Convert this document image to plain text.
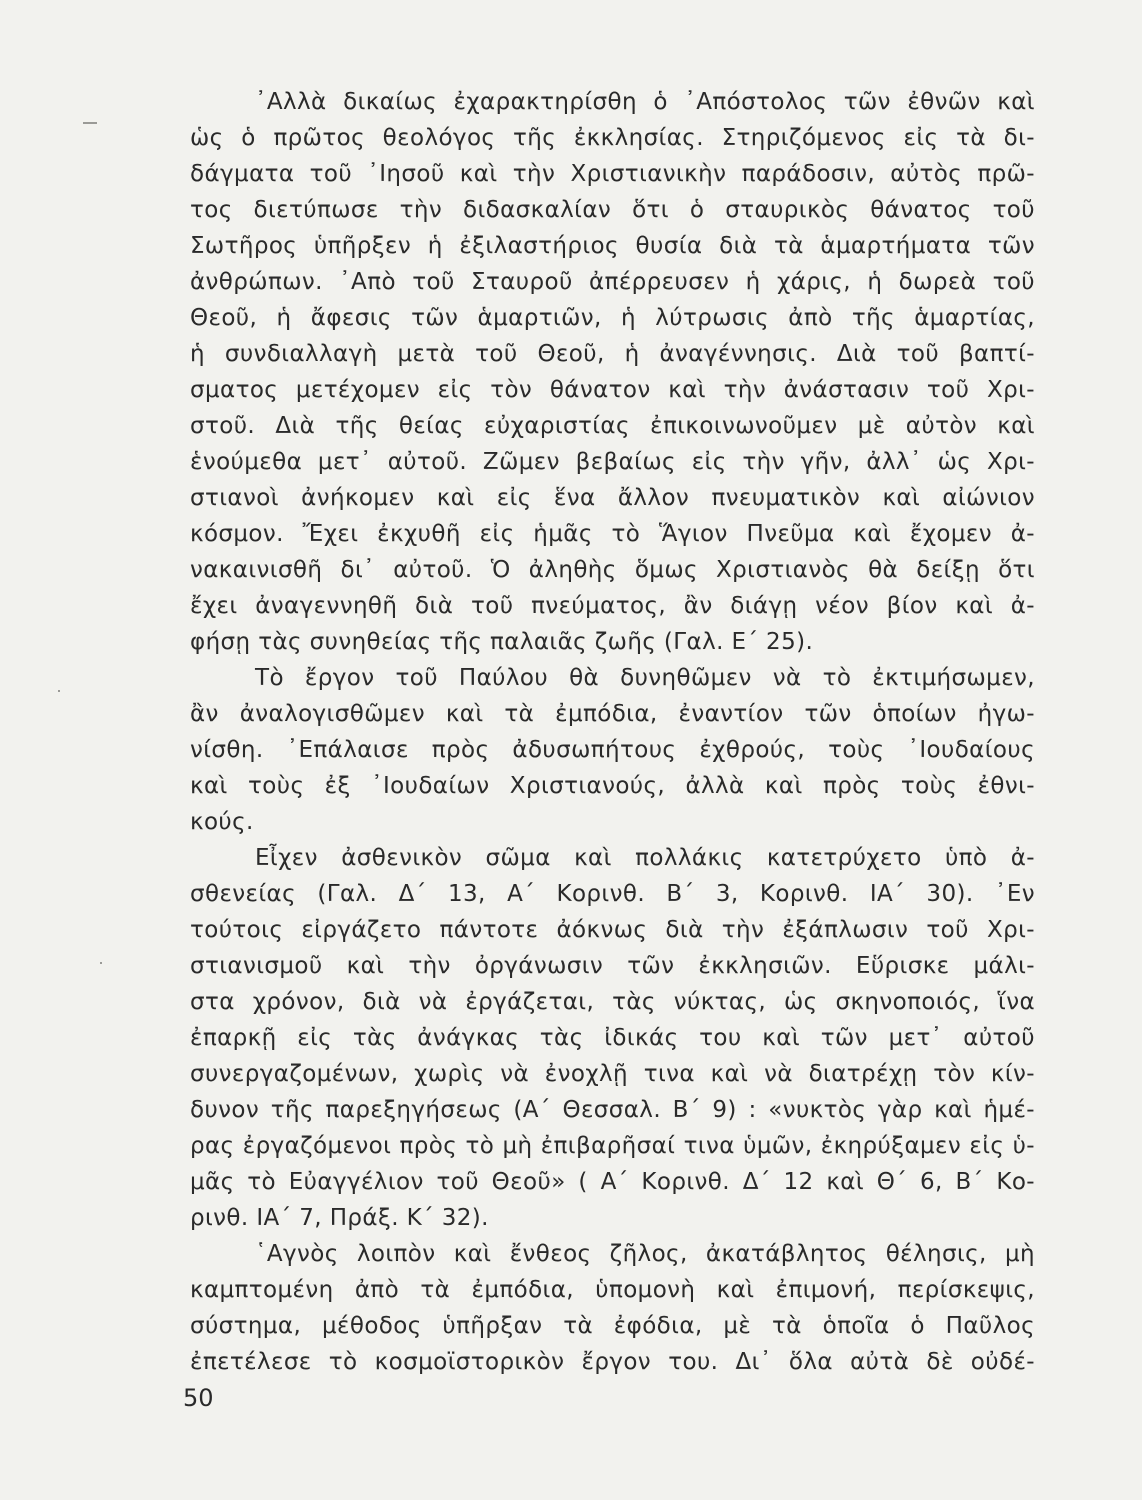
᾿Αλλὰ δικαίως ἐχαρακτηρίσθη ὁ ᾿Απόστολος τῶν ἐθνῶν καὶ
ὡς ὁ πρῶτος θεολόγος τῆς ἐκκλησίας. Στηριζόμενος εἰς τὰ δι-
δάγματα τοῦ ᾿Ιησοῦ καὶ τὴν Χριστιανικὴν παράδοσιν, αὐτὸς πρῶ-
τος διετύπωσε τὴν διδασκαλίαν ὅτι ὁ σταυρικὸς θάνατος τοῦ
Σωτῆρος ὑπῆρξεν ἡ ἐξιλαστήριος θυσία διὰ τὰ ἁμαρτήματα τῶν
ἀνθρώπων. ᾿Απὸ τοῦ Σταυροῦ ἀπέρρευσεν ἡ χάρις, ἡ δωρεὰ τοῦ
Θεοῦ, ἡ ἄφεσις τῶν ἁμαρτιῶν, ἡ λύτρωσις ἀπὸ τῆς ἁμαρτίας,
ἡ συνδιαλλαγὴ μετὰ τοῦ Θεοῦ, ἡ ἀναγέννησις. Διὰ τοῦ βαπτί-
σματος μετέχομεν εἰς τὸν θάνατον καὶ τὴν ἀνάστασιν τοῦ Χρι-
στοῦ. Διὰ τῆς θείας εὐχαριστίας ἐπικοινωνοῦμεν μὲ αὐτὸν καὶ
ἑνούμεθα μετ᾿ αὐτοῦ. Ζῶμεν βεβαίως εἰς τὴν γῆν, ἀλλ᾿ ὡς Χρι-
στιανοὶ ἀνήκομεν καὶ εἰς ἕνα ἄλλον πνευματικὸν καὶ αἰώνιον
κόσμον. Ἔχει ἐκχυθῆ εἰς ἡμᾶς τὸ Ἅγιον Πνεῦμα καὶ ἔχομεν ἀ-
νακαινισθῆ δι᾿ αὐτοῦ. Ὁ ἀληθὴς ὅμως Χριστιανὸς θὰ δείξῃ ὅτι
ἔχει ἀναγεννηθῆ διὰ τοῦ πνεύματος, ἂν διάγῃ νέον βίον καὶ ἀ-
φήσῃ τὰς συνηθείας τῆς παλαιᾶς ζωῆς (Γαλ. Ε΄ 25).
Τὸ ἔργον τοῦ Παύλου θὰ δυνηθῶμεν νὰ τὸ ἐκτιμήσωμεν,
ἂν ἀναλογισθῶμεν καὶ τὰ ἐμπόδια, ἐναντίον τῶν ὁποίων ἠγω-
νίσθη. ᾿Επάλαισε πρὸς ἀδυσωπήτους ἐχθρούς, τοὺς ᾿Ιουδαίους
καὶ τοὺς ἐξ ᾿Ιουδαίων Χριστιανούς, ἀλλὰ καὶ πρὸς τοὺς ἐθνι-
κούς.
Εἶχεν ἀσθενικὸν σῶμα καὶ πολλάκις κατετρύχετο ὑπὸ ἀ-
σθενείας (Γαλ. Δ΄ 13, Α΄ Κορινθ. Β΄ 3, Κορινθ. ΙΑ΄ 30). ᾿Εν
τούτοις εἰργάζετο πάντοτε ἀόκνως διὰ τὴν ἐξάπλωσιν τοῦ Χρι-
στιανισμοῦ καὶ τὴν ὀργάνωσιν τῶν ἐκκλησιῶν. Εὕρισκε μάλι-
στα χρόνον, διὰ νὰ ἐργάζεται, τὰς νύκτας, ὡς σκηνοποιός, ἵνα
ἐπαρκῇ εἰς τὰς ἀνάγκας τὰς ἰδικάς του καὶ τῶν μετ᾿ αὐτοῦ
συνεργαζομένων, χωρὶς νὰ ἐνοχλῇ τινα καὶ νὰ διατρέχῃ τὸν κίν-
δυνον τῆς παρεξηγήσεως (Α΄ Θεσσαλ. Β΄ 9) : «νυκτὸς γὰρ καὶ ἡμέ-
ρας ἐργαζόμενοι πρὸς τὸ μὴ ἐπιβαρῆσαί τινα ὑμῶν, ἐκηρύξαμεν εἰς ὑ-
μᾶς τὸ Εὐαγγέλιον τοῦ Θεοῦ» ( Α΄ Κορινθ. Δ΄ 12 καὶ Θ΄ 6, Β΄ Κο-
ρινθ. ΙΑ΄ 7, Πράξ. Κ΄ 32).
῾Αγνὸς λοιπὸν καὶ ἔνθεος ζῆλος, ἀκατάβλητος θέλησις, μὴ
καμπτομένη ἀπὸ τὰ ἐμπόδια, ὑπομονὴ καὶ ἐπιμονή, περίσκεψις,
σύστημα, μέθοδος ὑπῆρξαν τὰ ἐφόδια, μὲ τὰ ὁποῖα ὁ Παῦλος
ἐπετέλεσε τὸ κοσμοϊστορικὸν ἔργον του. Δι᾿ ὅλα αὐτὰ δὲ οὐδέ-
50
